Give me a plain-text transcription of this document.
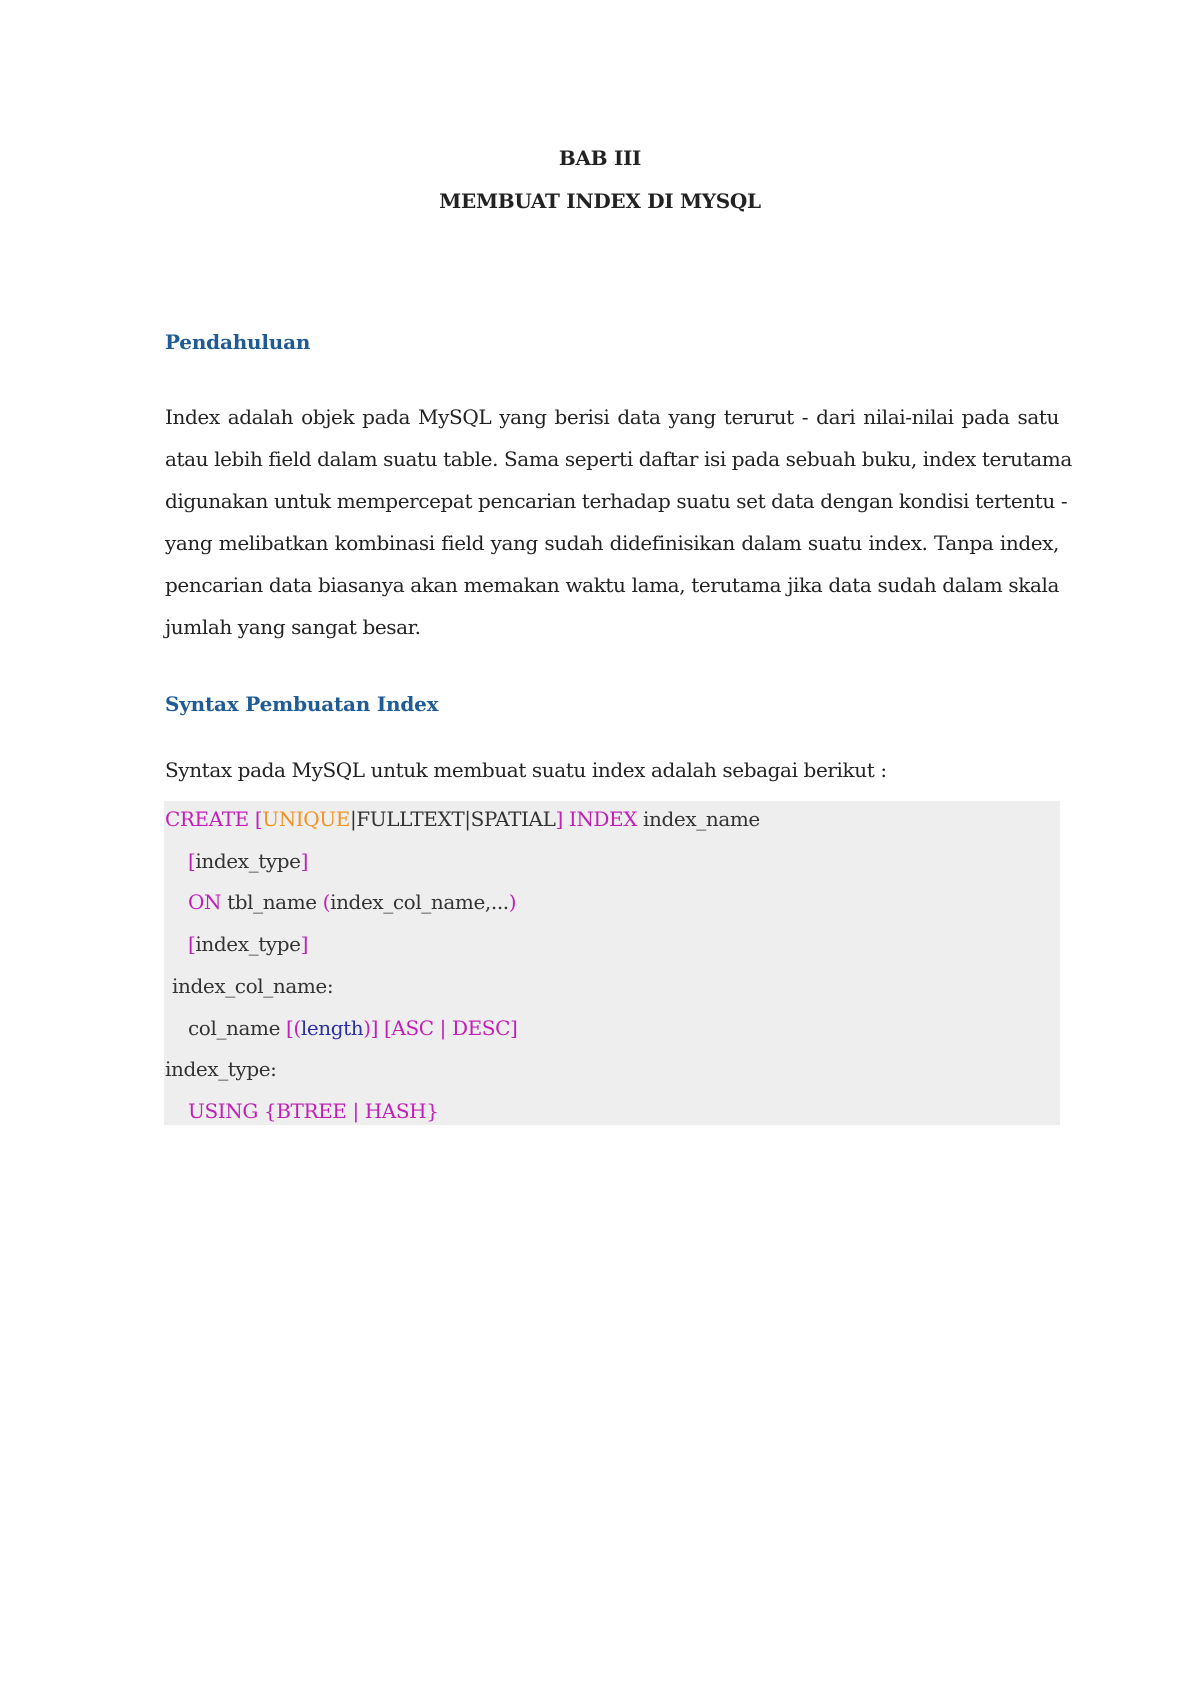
BAB III
MEMBUAT INDEX DI MYSQL
Pendahuluan
Index adalah objek pada MySQL yang berisi data yang terurut - dari nilai-nilai pada satu
atau lebih field dalam suatu table. Sama seperti daftar isi pada sebuah buku, index terutama
digunakan untuk mempercepat pencarian terhadap suatu set data dengan kondisi tertentu -
yang melibatkan kombinasi field yang sudah didefinisikan dalam suatu index. Tanpa index,
pencarian data biasanya akan memakan waktu lama, terutama jika data sudah dalam skala
jumlah yang sangat besar.
Syntax Pembuatan Index
Syntax pada MySQL untuk membuat suatu index adalah sebagai berikut :
CREATE [UNIQUE|FULLTEXT|SPATIAL] INDEX index_name
[index_type]
ON tbl_name (index_col_name,...)
[index_type]
index_col_name:
col_name [(length)] [ASC | DESC]
index_type:
USING {BTREE | HASH}
